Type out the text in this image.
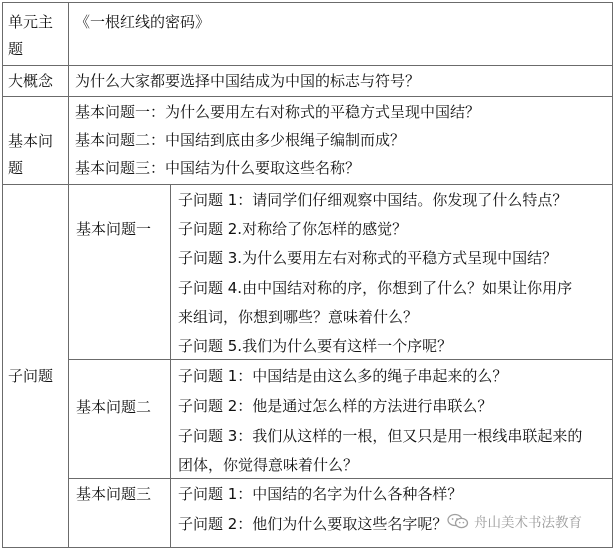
单元主
题
《一根红线的密码》
大概念 为什么大家都要选择中国结成为中国的标志与符号？
基本问
题
基本问题一：为什么要用左右对称式的平稳方式呈现中国结？
基本问题二：中国结到底由多少根绳子编制而成？
基本问题三：中国结为什么要取这些名称？
子问题
基本问题一
子问题 1：请同学们仔细观察中国结。你发现了什么特点？
子问题 2.对称给了你怎样的感觉？
子问题 3.为什么要用左右对称式的平稳方式呈现中国结？
子问题 4.由中国结对称的序，你想到了什么？如果让你用序
来组词，你想到哪些？意味着什么？
子问题 5.我们为什么要有这样一个序呢？
基本问题二
子问题 1：中国结是由这么多的绳子串起来的么？
子问题 2：他是通过怎么样的方法进行串联么？
子问题 3：我们从这样的一根，但又只是用一根线串联起来的
团体，你觉得意味着什么？
基本问题三 子问题 1：中国结的名字为什么各种各样？
子问题 2：他们为什么要取这些名字呢？ 舟山美术书法教育
